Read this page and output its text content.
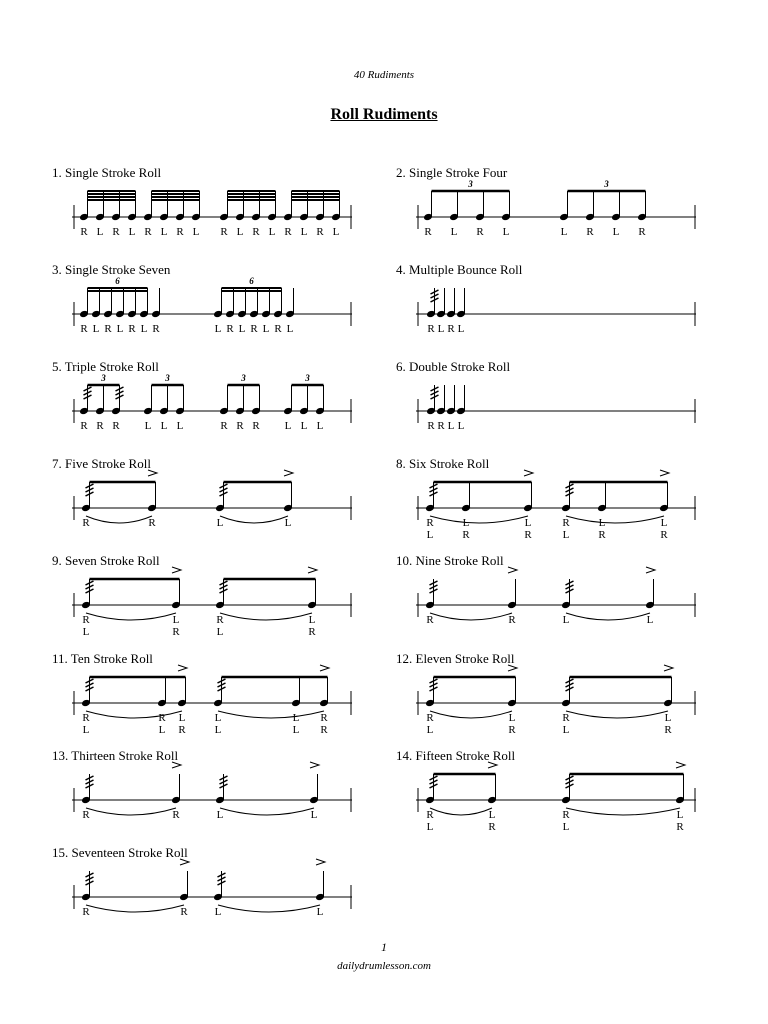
40 Rudiments
Roll Rudiments
1. Single Stroke Roll
R L R L R L R L R L R L R L R L
2. Single Stroke Four
3	3
R L R L	L R L R
3. Single Stroke Seven
6	6
R L R L R L R	L R L R L R L
4. Multiple Bounce Roll
R L R L
5. Triple Stroke Roll
3	3	3	3
R R R L L L	R R R L L L
6. Double Stroke Roll
R R L L
7. Five Stroke Roll
R	R	L	L
8. Six Stroke Roll
R	L	L	R	L	L
L	R	R	L	R	R
9. Seven Stroke Roll
R	L	R	L
L	R	L	R
10. Nine Stroke Roll
R	R	L	L
11. Ten Stroke Roll
R	R L	L	L R
L	L R	L	L R
12. Eleven Stroke Roll
R	L	R	L
L	R	L	R
13. Thirteen Stroke Roll
R	R	L	L
14. Fifteen Stroke Roll
R	L	R	L
L	R	L	R
15. Seventeen Stroke Roll
R	R L	L
1
dailydrumlesson.com
